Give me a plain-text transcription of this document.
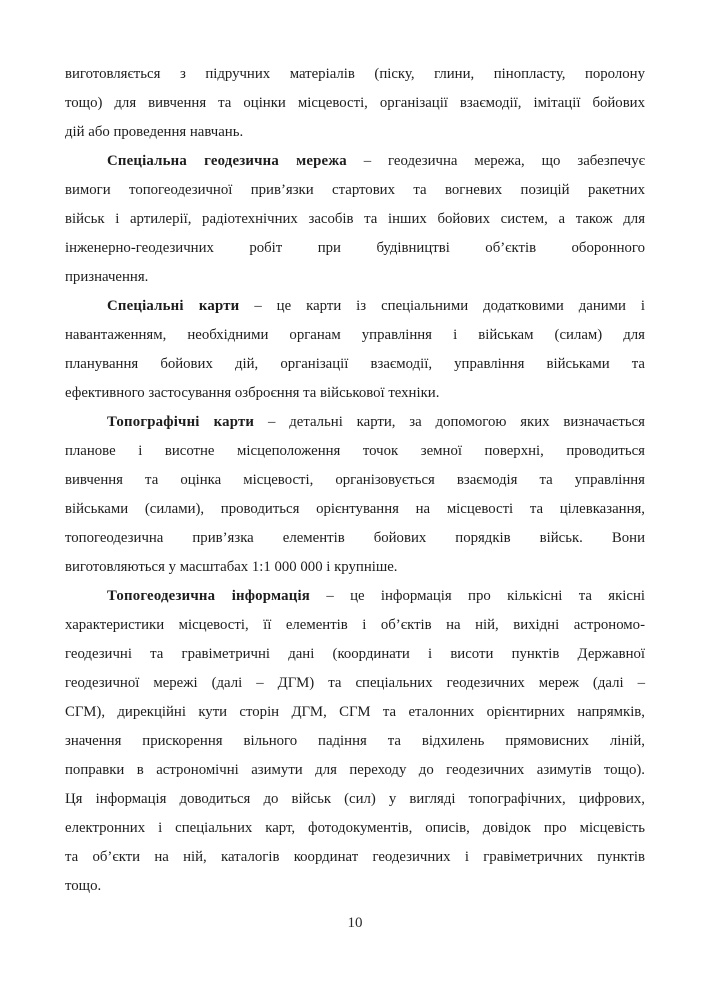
виготовляється з підручних матеріалів (піску, глини, пінопласту, поролону
тощо) для вивчення та оцінки місцевості, організації взаємодії, імітації бойових
дій або проведення навчань.
Спеціальна геодезична мережа – геодезична мережа, що забезпечує
вимоги топогеодезичної прив’язки стартових та вогневих позицій ракетних
військ і артилерії, радіотехнічних засобів та інших бойових систем, а також для
інженерно-геодезичних робіт при будівництві об’єктів оборонного
призначення.
Спеціальні карти – це карти із спеціальними додатковими даними і
навантаженням, необхідними органам управління і військам (силам) для
планування бойових дій, організації взаємодії, управління військами та
ефективного застосування озброєння та військової техніки.
Топографічні карти – детальні карти, за допомогою яких визначається
планове і висотне місцеположення точок земної поверхні, проводиться
вивчення та оцінка місцевості, організовується взаємодія та управління
військами (силами), проводиться орієнтування на місцевості та цілевказання,
топогеодезична прив’язка елементів бойових порядків військ. Вони
виготовляються у масштабах 1:1 000 000 і крупніше.
Топогеодезична інформація – це інформація про кількісні та якісні
характеристики місцевості, її елементів і об’єктів на ній, вихідні астрономо-
геодезичні та гравіметричні дані (координати і висоти пунктів Державної
геодезичної мережі (далі – ДГМ) та спеціальних геодезичних мереж (далі –
СГМ), дирекційні кути сторін ДГМ, СГМ та еталонних орієнтирних напрямків,
значення прискорення вільного падіння та відхилень прямовисних ліній,
поправки в астрономічні азимути для переходу до геодезичних азимутів тощо).
Ця інформація доводиться до військ (сил) у вигляді топографічних, цифрових,
електронних і спеціальних карт, фотодокументів, описів, довідок про місцевість
та об’єкти на ній, каталогів координат геодезичних і гравіметричних пунктів
тощо.
10
